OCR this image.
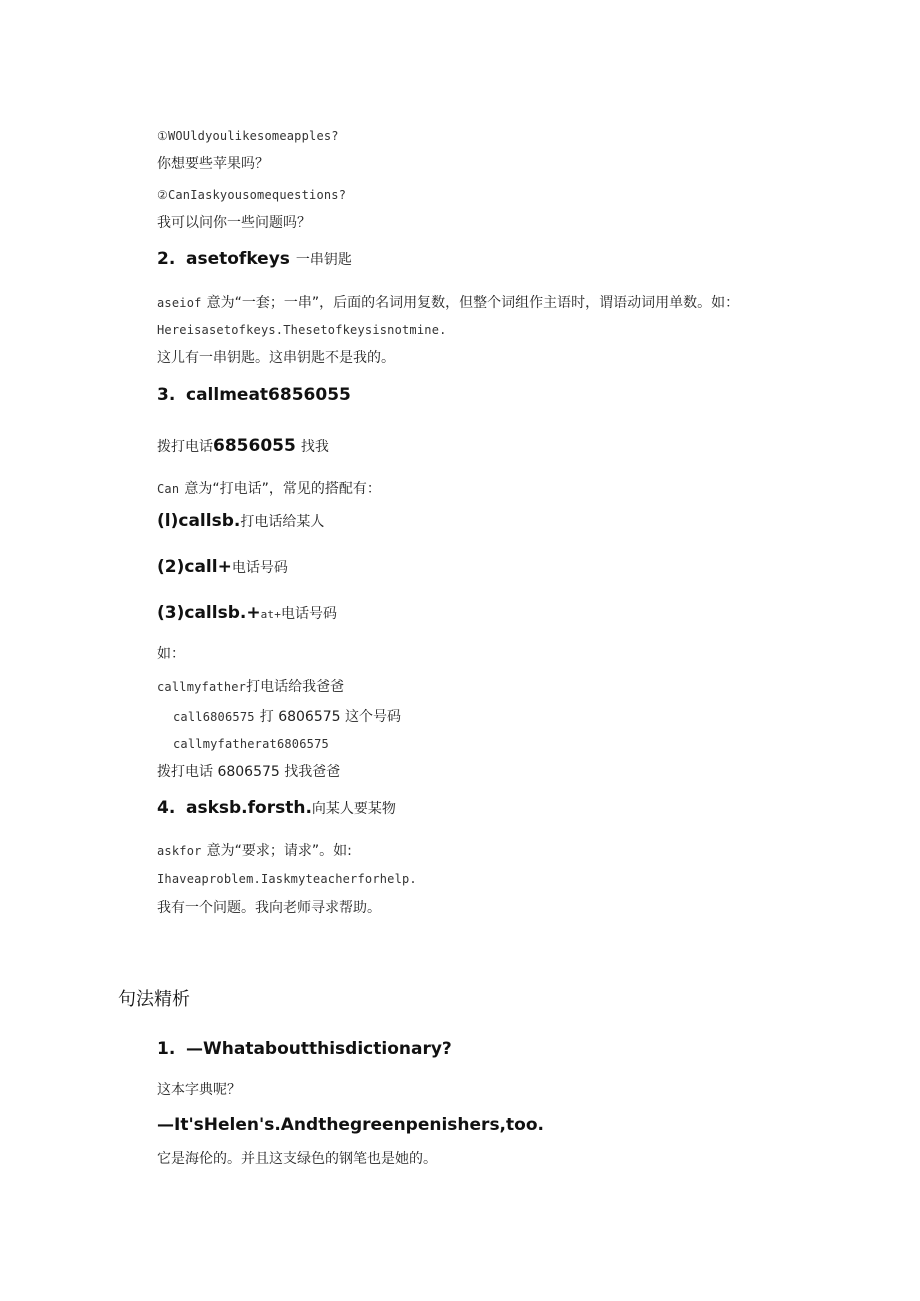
①WOUldyoulikesomeapples?
你想要些苹果吗？
②CanIaskyousomequestions?
我可以问你一些问题吗？
2. asetofkeys 一串钥匙
aseiof 意为“一套；一串”，后面的名词用复数，但整个词组作主语时，谓语动词用单数。如：
Hereisasetofkeys.Thesetofkeysisnotmine.
这儿有一串钥匙。这串钥匙不是我的。
3. callmeat6856055
拨打电话6856055 找我
Can 意为“打电话”，常见的搭配有：
(l)callsb.打电话给某人
(2)call+电话号码
(3)callsb.+at+电话号码
如：
callmyfather打电话给我爸爸
call6806575 打 6806575 这个号码
callmyfatherat6806575
拨打电话 6806575 找我爸爸
4. asksb.forsth.向某人要某物
askfor 意为“要求；请求”。如:
Ihaveaproblem.Iaskmyteacherforhelp.
我有一个问题。我向老师寻求帮助。
句法精析
1. —Whataboutthisdictionary?
这本字典呢？
—It'sHelen's.Andthegreenpenishers,too.
它是海伦的。并且这支绿色的钢笔也是她的。
